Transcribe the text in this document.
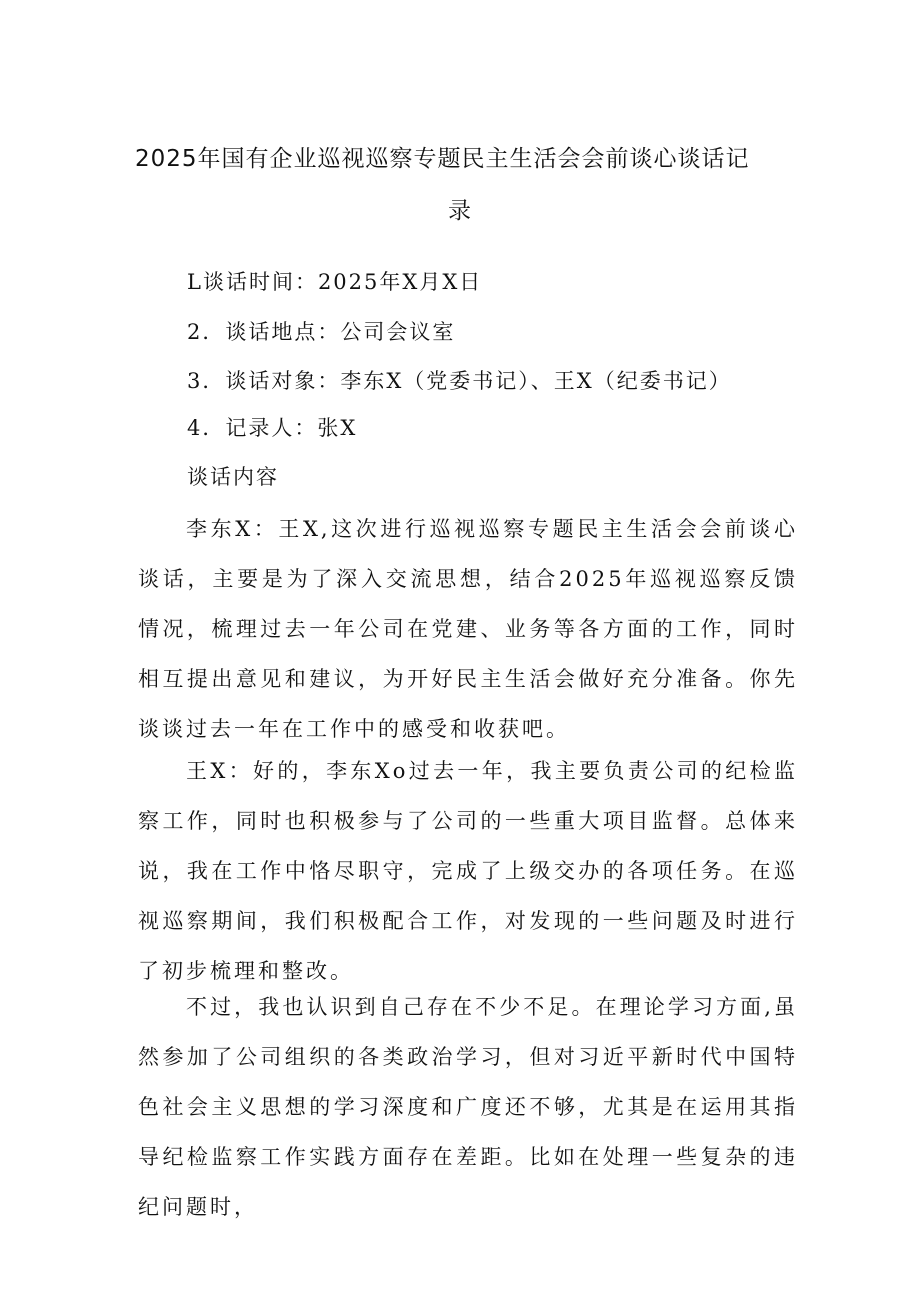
2025年国有企业巡视巡察专题民主生活会会前谈心谈话记
录
L谈话时间：2025年X月X日
2．谈话地点：公司会议室
3．谈话对象：李东X（党委书记）、王X（纪委书记）
4．记录人：张X
谈话内容

李东X：王X,这次进行巡视巡察专题民主生活会会前谈心谈话，主要是为了深入交流思想，结合2025年巡视巡察反馈情况，梳理过去一年公司在党建、业务等各方面的工作，同时相互提出意见和建议，为开好民主生活会做好充分准备。你先谈谈过去一年在工作中的感受和收获吧。

王X：好的，李东Xo过去一年，我主要负责公司的纪检监察工作，同时也积极参与了公司的一些重大项目监督。总体来说，我在工作中恪尽职守，完成了上级交办的各项任务。在巡视巡察期间，我们积极配合工作，对发现的一些问题及时进行了初步梳理和整改。

不过，我也认识到自己存在不少不足。在理论学习方面,虽然参加了公司组织的各类政治学习，但对习近平新时代中国特色社会主义思想的学习深度和广度还不够，尤其是在运用其指导纪检监察工作实践方面存在差距。比如在处理一些复杂的违纪问题时，
